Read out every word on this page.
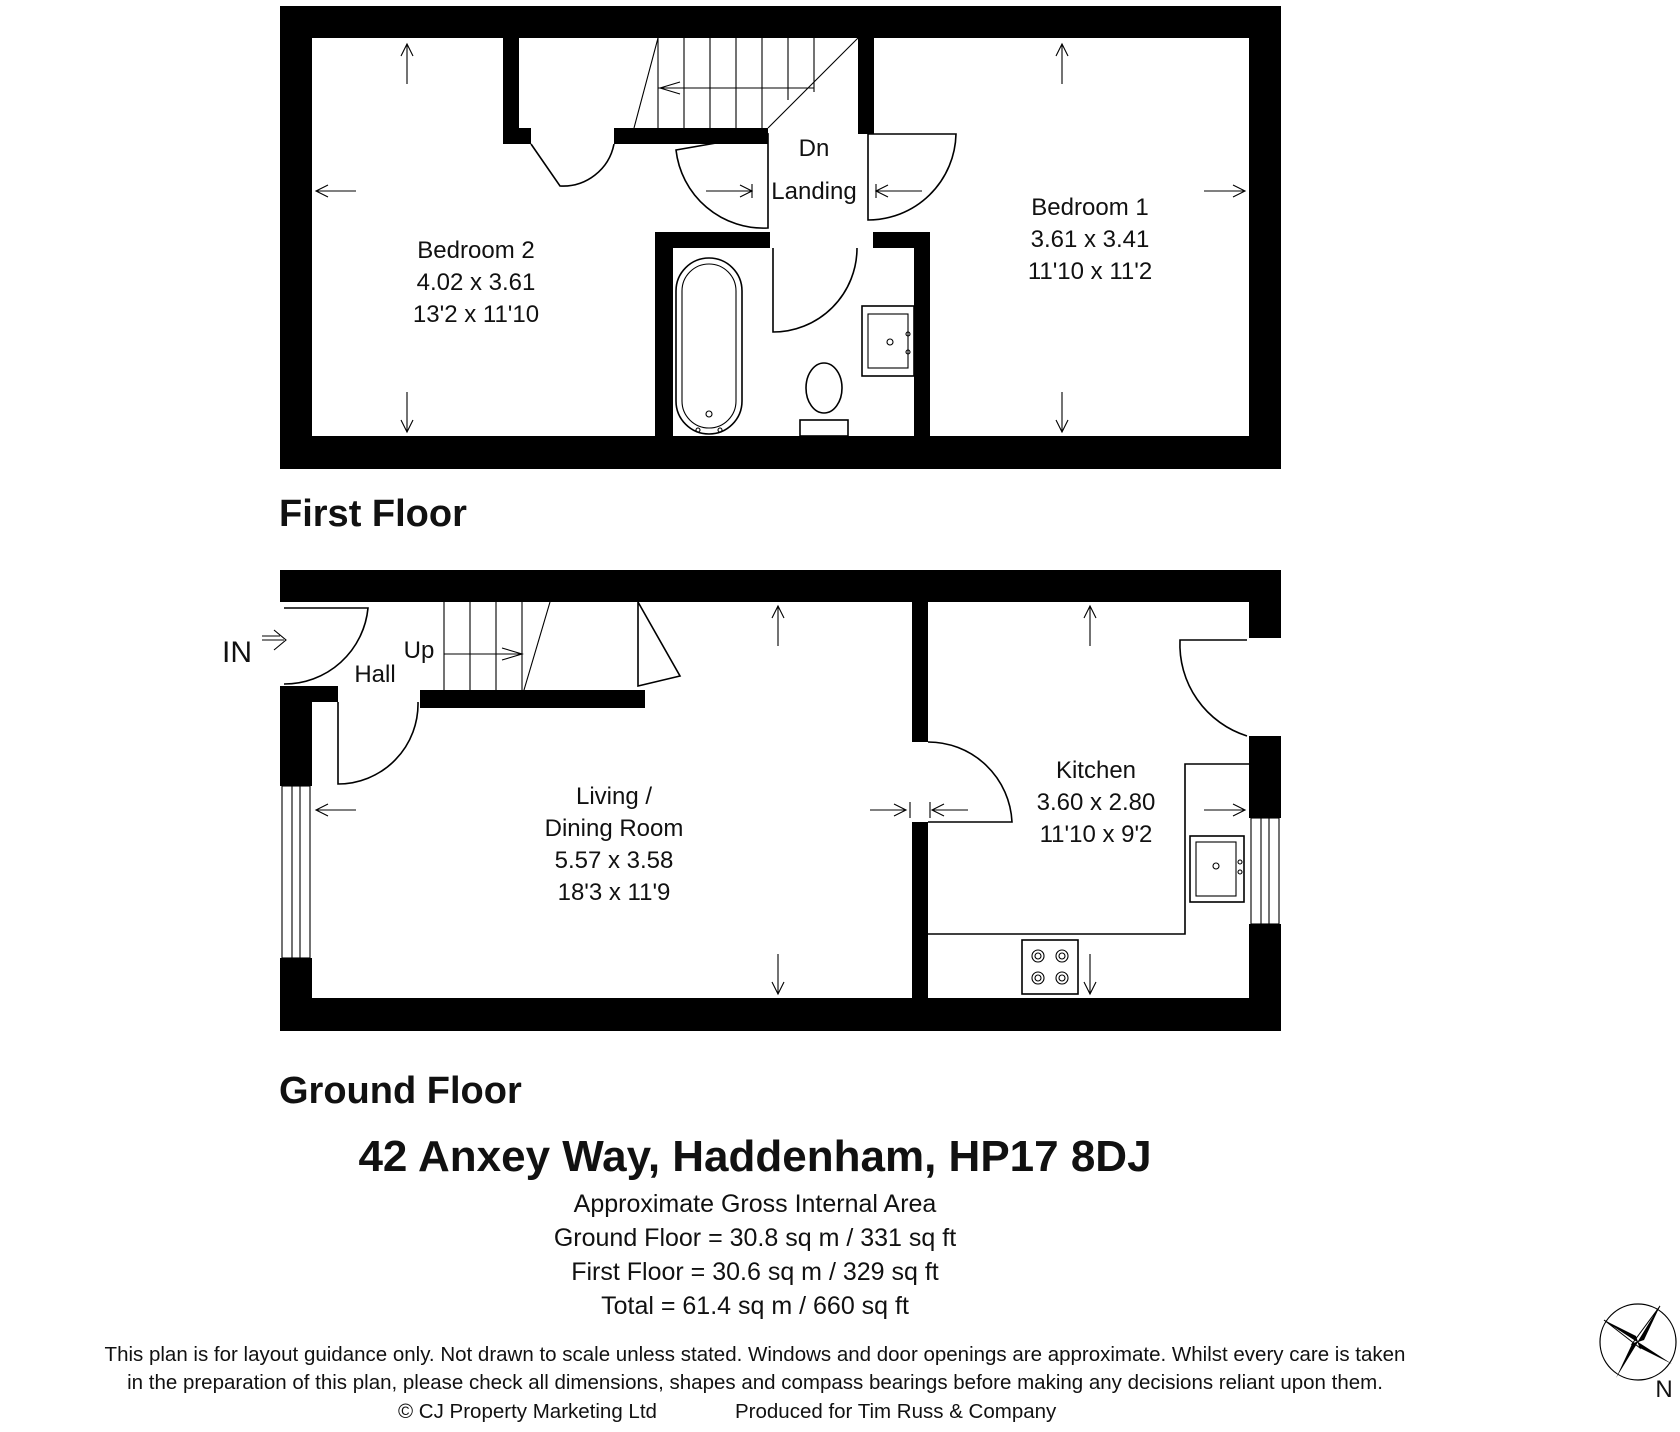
Bedroom 2
4.02 x 3.61
13'2 x 11'10
Bedroom 1
3.61 x 3.41
11'10 x 11'2
Landing
Dn
First Floor
Living /
Dining Room
5.57 x 3.58
18'3 x 11'9
Kitchen
3.60 x 2.80
11'10 x 9'2
Hall
Up
IN
Ground Floor
N
42 Anxey Way, Haddenham, HP17 8DJ
Approximate Gross Internal Area
Ground Floor = 30.8 sq m / 331 sq ft
First Floor = 30.6 sq m / 329 sq ft
Total = 61.4 sq m / 660 sq ft
This plan is for layout guidance only. Not drawn to scale unless stated. Windows and door openings are approximate. Whilst every care is taken
in the preparation of this plan, please check all dimensions, shapes and compass bearings before making any decisions reliant upon them.
© CJ Property Marketing Ltd	Produced for Tim Russ & Company
